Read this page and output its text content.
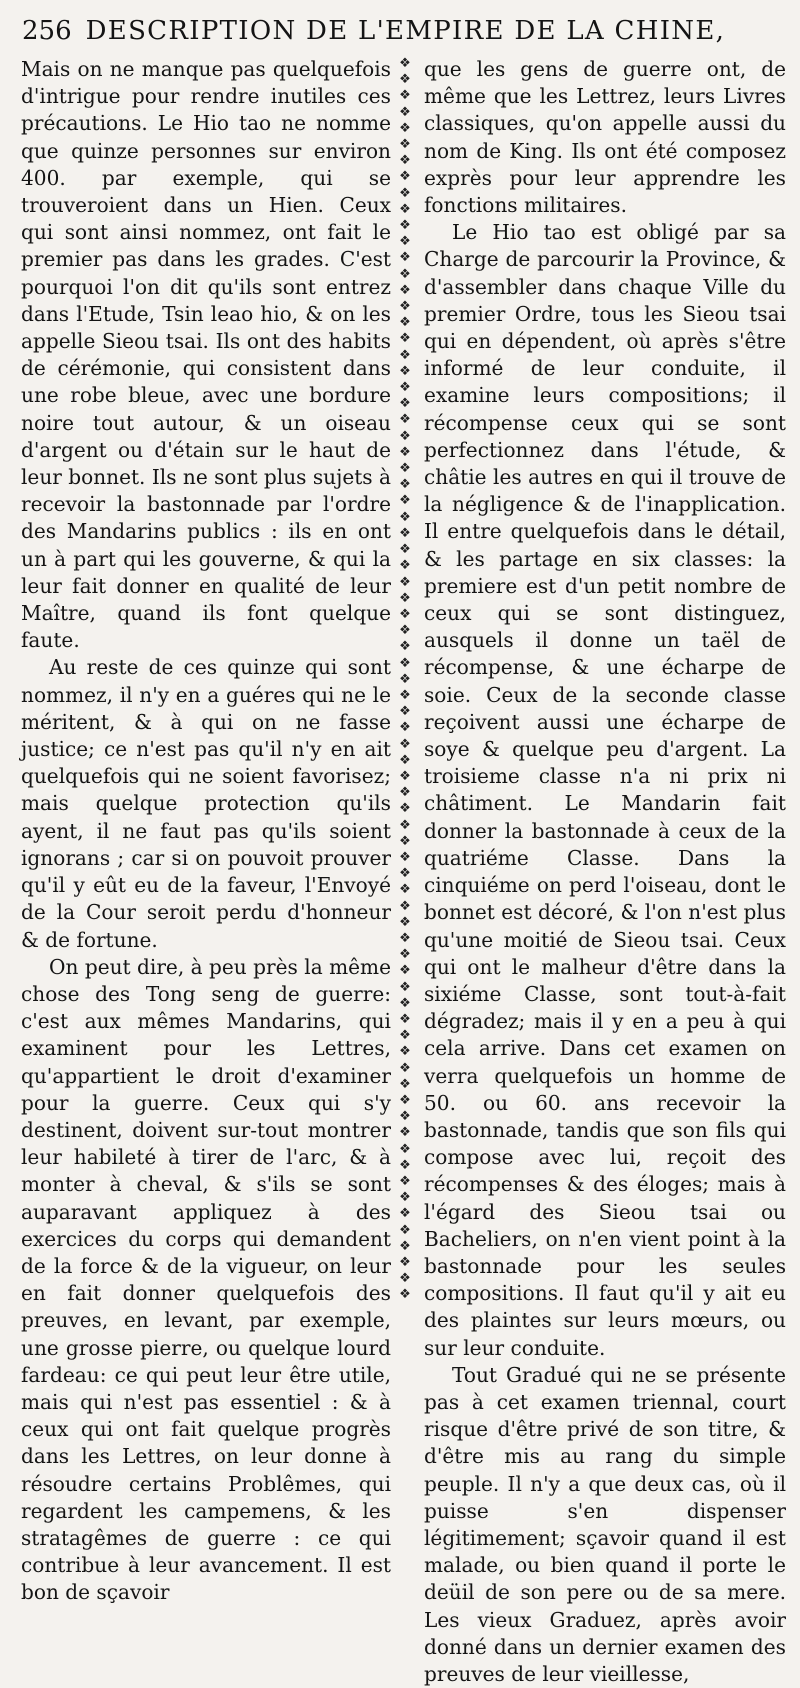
256 DESCRIPTION DE L'EMPIRE DE LA CHINE,

Mais on ne manque pas quelquefois d'intrigue pour rendre inutiles ces précautions. Le Hio tao ne nomme que quinze personnes sur environ 400. par exemple, qui se trouveroient dans un Hien. Ceux qui sont ainsi nommez, ont fait le premier pas dans les grades. C'est pourquoi l'on dit qu'ils sont entrez dans l'Etude, Tsin leao hio, & on les appelle Sieou tsai. Ils ont des habits de cérémonie, qui consistent dans une robe bleue, avec une bordure noire tout autour, & un oiseau d'argent ou d'étain sur le haut de leur bonnet. Ils ne sont plus sujets à recevoir la bastonnade par l'ordre des Mandarins publics : ils en ont un à part qui les gouverne, & qui la leur fait donner en qualité de leur Maître, quand ils font quelque faute.

Au reste de ces quinze qui sont nommez, il n'y en a guéres qui ne le méritent, & à qui on ne fasse justice; ce n'est pas qu'il n'y en ait quelquefois qui ne soient favorisez; mais quelque protection qu'ils ayent, il ne faut pas qu'ils soient ignorans ; car si on pouvoit prouver qu'il y eût eu de la faveur, l'Envoyé de la Cour seroit perdu d'honneur & de fortune.

On peut dire, à peu près la même chose des Tong seng de guerre: c'est aux mêmes Mandarins, qui examinent pour les Lettres, qu'appartient le droit d'examiner pour la guerre. Ceux qui s'y destinent, doivent sur-tout montrer leur habileté à tirer de l'arc, & à monter à cheval, & s'ils se sont auparavant appliquez à des exercices du corps qui demandent de la force & de la vigueur, on leur en fait donner quelquefois des preuves, en levant, par exemple, une grosse pierre, ou quelque lourd fardeau: ce qui peut leur être utile, mais qui n'est pas essentiel : & à ceux qui ont fait quelque progrès dans les Lettres, on leur donne à résoudre certains Problêmes, qui regardent les campemens, & les stratagêmes de guerre : ce qui contribue à leur avancement. Il est bon de sçavoir

❖
❖
❖
❖
❖
❖
❖
❖
❖
❖
❖
❖
❖
❖
❖
❖
❖
❖
❖
❖
❖
❖
❖
❖
❖
❖
❖
❖
❖
❖
❖
❖
❖
❖
❖
❖
❖
❖
❖
❖
❖
❖
❖
❖
❖
❖
❖
❖
❖
❖
❖
❖
❖
❖
❖
❖
❖
❖
❖
❖
❖
❖
❖
❖
❖
❖
❖
❖
❖
❖
❖
❖
❖
❖
❖
❖
❖

que les gens de guerre ont, de même que les Lettrez, leurs Livres classiques, qu'on appelle aussi du nom de King. Ils ont été composez exprès pour leur apprendre les fonctions militaires.

Le Hio tao est obligé par sa Charge de parcourir la Province, & d'assembler dans chaque Ville du premier Ordre, tous les Sieou tsai qui en dépendent, où après s'être informé de leur conduite, il examine leurs compositions; il récompense ceux qui se sont perfectionnez dans l'étude, & châtie les autres en qui il trouve de la négligence & de l'inapplication. Il entre quelquefois dans le détail, & les partage en six classes: la premiere est d'un petit nombre de ceux qui se sont distinguez, ausquels il donne un taël de récompense, & une écharpe de soie. Ceux de la seconde classe reçoivent aussi une écharpe de soye & quelque peu d'argent. La troisieme classe n'a ni prix ni châtiment. Le Mandarin fait donner la bastonnade à ceux de la quatriéme Classe. Dans la cinquiéme on perd l'oiseau, dont le bonnet est décoré, & l'on n'est plus qu'une moitié de Sieou tsai. Ceux qui ont le malheur d'être dans la sixiéme Classe, sont tout-à-fait dégradez; mais il y en a peu à qui cela arrive. Dans cet examen on verra quelquefois un homme de 50. ou 60. ans recevoir la bastonnade, tandis que son fils qui compose avec lui, reçoit des récompenses & des éloges; mais à l'égard des Sieou tsai ou Bacheliers, on n'en vient point à la bastonnade pour les seules compositions. Il faut qu'il y ait eu des plaintes sur leurs mœurs, ou sur leur conduite.

Tout Gradué qui ne se présente pas à cet examen triennal, court risque d'être privé de son titre, & d'être mis au rang du simple peuple. Il n'y a que deux cas, où il puisse s'en dispenser légitimement; sçavoir quand il est malade, ou bien quand il porte le deüil de son pere ou de sa mere. Les vieux Graduez, après avoir donné dans un dernier examen des preuves de leur vieillesse,
